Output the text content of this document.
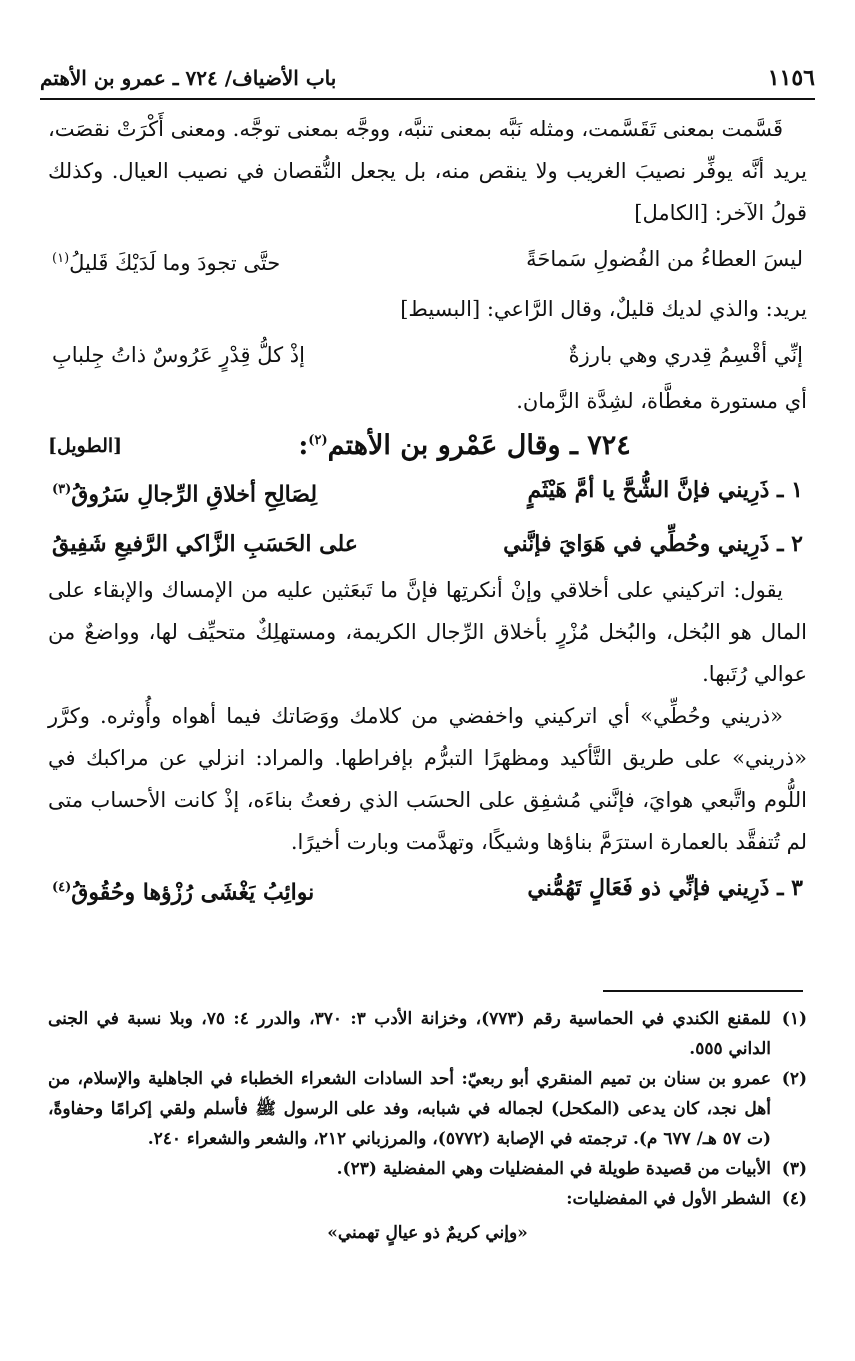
١١٥٦
باب الأضياف/ ٧٢٤ ـ عمرو بن الأهتم

قَسَّمت بمعنى تَقَسَّمت، ومثله نَبَّه بمعنى تنبَّه، ووجَّه بمعنى توجَّه. ومعنى أَكْرَتْ نقصَت، يريد أنَّه يوفِّر نصيبَ الغريب ولا ينقص منه، بل يجعل النُّقصان في نصيب العيال. وكذلك قولُ الآخر: [الكامل]

ليسَ العطاءُ من الفُضولِ سَماحَةً
حتَّى تجودَ وما لَدَيْكَ قَليلُ$^{(١)}$

يريد: والذي لديك قليلٌ، وقال الرَّاعي: [البسيط]

إنِّي أقْسِمُ قِدري وهي بارزةٌ
إذْ كلُّ قِدْرٍ عَرُوسٌ ذاتُ جِلبابِ

أي مستورة مغطَّاة، لشِدَّة الزَّمان.

٧٢٤ ـ وقال عَمْرو بن الأهتم$^{(٢)}$:
[الطويل]
١ ـ ذَرِيني فإنَّ الشُّحَّ يا أمَّ هَيْثَمٍ
لِصَالِحِ أخلاقِ الرِّجالِ سَرُوقُ$^{(٣)}$
٢ ـ ذَرِيني وحُطِّي في هَوَايَ فإنَّني
على الحَسَبِ الزَّاكي الرَّفيعِ شَفِيقُ

يقول: اتركيني على أخلاقي وإنْ أنكرتِها فإنَّ ما تَبعَثين عليه من الإمساك والإبقاء على المال هو البُخل، والبُخل مُزْرٍ بأخلاق الرِّجال الكريمة، ومستهلِكٌ متحيِّف لها، وواضعٌ من عوالي رُتَبها.

«ذريني وحُطِّي» أي اتركيني واخفضي من كلامك ووَصَاتك فيما أهواه وأُوثره. وكرَّر «ذريني» على طريق التَّأكيد ومظهرًا التبرُّم بإفراطها. والمراد: انزلي عن مراكبك في اللُّوم واتَّبعي هوايَ، فإنَّني مُشفِق على الحسَب الذي رفعتُ بناءَه، إذْ كانت الأحساب متى لم تُتفقَّد بالعمارة استرَمَّ بناؤها وشيكًا، وتهدَّمت وبارت أخيرًا.

٣ ـ ذَرِيني فإنِّي ذو فَعَالٍ تَهُمُّني
نوائِبُ يَغْشَى رُزْؤها وحُقُوقُ$^{(٤)}$

(١)
للمقنع الكندي في الحماسية رقم (٧٧٣)، وخزانة الأدب ٣: ٣٧٠، والدرر ٤: ٧٥، وبلا نسبة في الجنى الداني ٥٥٥.

(٢)
عمرو بن سنان بن تميم المنقري أبو ربعيّ: أحد السادات الشعراء الخطباء في الجاهلية والإسلام، من أهل نجد، كان يدعى (المكحل) لجماله في شبابه، وفد على الرسول ﷺ فأسلم ولقي إكرامًا وحفاوةً، (ت ٥٧ هـ/ ٦٧٧ م). ترجمته في الإصابة (٥٧٧٢)، والمرزباني ٢١٢، والشعر والشعراء ٢٤٠.

(٣)
الأبيات من قصيدة طويلة في المفضليات وهي المفضلية (٢٣).

(٤)
الشطر الأول في المفضليات:

«وإني كريمٌ ذو عيالٍ تهمني»
